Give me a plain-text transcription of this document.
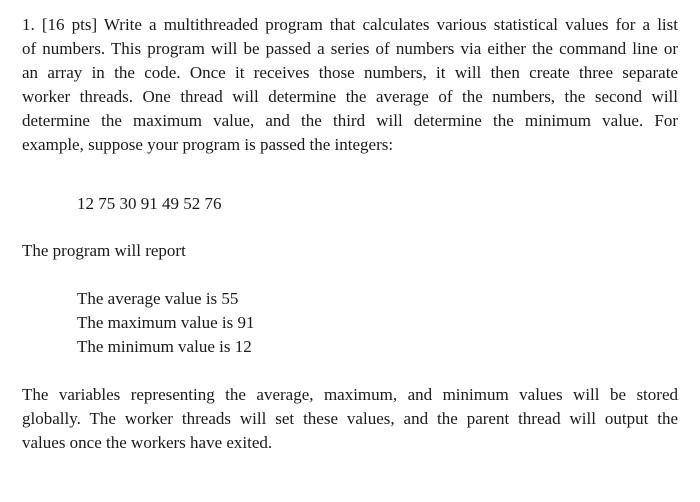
1. [16 pts] Write a multithreaded program that calculates various statistical values for a list
of numbers. This program will be passed a series of numbers via either the command line or
an array in the code. Once it receives those numbers, it will then create three separate
worker threads. One thread will determine the average of the numbers, the second will
determine the maximum value, and the third will determine the minimum value. For
example, suppose your program is passed the integers:
12 75 30 91 49 52 76
The program will report
The average value is 55
The maximum value is 91
The minimum value is 12
The variables representing the average, maximum, and minimum values will be stored
globally. The worker threads will set these values, and the parent thread will output the
values once the workers have exited.
